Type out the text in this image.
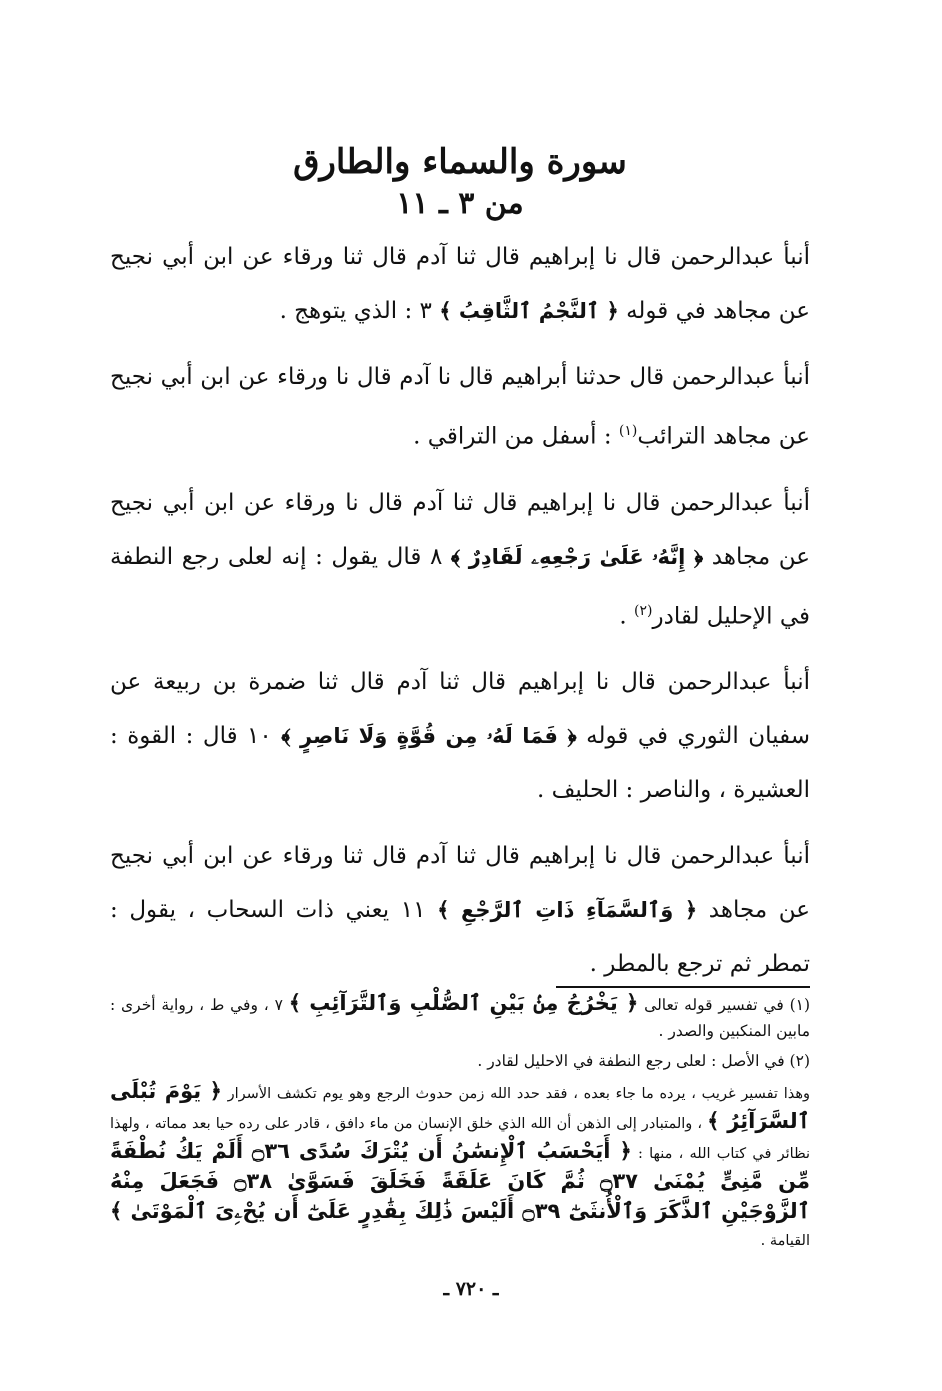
سورة والسماء والطارق
من ٣ ـ ١١

أنبأ عبدالرحمن قال نا إبراهيم قال ثنا آدم قال ثنا ورقاء عن ابن أبي نجيح عن مجاهد في قوله ﴿ ٱلنَّجْمُ ٱلثَّاقِبُ ﴾ ٣ : الذي يتوهج .

أنبأ عبدالرحمن قال حدثنا أبراهيم قال نا آدم قال نا ورقاء عن ابن أبي نجيح عن مجاهد الترائب$^{(١)}$ : أسفل من التراقي .

أنبأ عبدالرحمن قال نا إبراهيم قال ثنا آدم قال نا ورقاء عن ابن أبي نجيح عن مجاهد ﴿ إِنَّهُۥ عَلَىٰ رَجْعِهِۦ لَقَادِرٌ ﴾ ٨ قال يقول : إنه لعلى رجع النطفة في الإحليل لقادر$^{(٢)}$ .

أنبأ عبدالرحمن قال نا إبراهيم قال ثنا آدم قال ثنا ضمرة بن ربيعة عن سفيان الثوري في قوله ﴿ فَمَا لَهُۥ مِن قُوَّةٍ وَلَا نَاصِرٍ ﴾ ١٠ قال : القوة : العشيرة ، والناصر : الحليف .

أنبأ عبدالرحمن قال نا إبراهيم قال ثنا آدم قال ثنا ورقاء عن ابن أبي نجيح عن مجاهد ﴿ وَٱلسَّمَآءِ ذَاتِ ٱلرَّجْعِ ﴾ ١١ يعني ذات السحاب ، يقول : تمطر ثم ترجع بالمطر .

(١) في تفسير قوله تعالى ﴿ يَخْرُجُ مِنۢ بَيْنِ ٱلصُّلْبِ وَٱلتَّرَآئِبِ ﴾ ٧ ، وفي ط ، رواية أخرى : مابين المنكبين والصدر .

(٢) في الأصل : لعلى رجع النطفة في الاحليل لقادر .

وهذا تفسير غريب ، يرده ما جاء بعده ، فقد حدد الله زمن حدوث الرجع وهو يوم تكشف الأسرار ﴿ يَوْمَ تُبْلَى ٱلسَّرَآئِرُ ﴾ ، والمتبادر إلى الذهن أن الله الذي خلق الإنسان من ماء دافق ، قادر على رده حيا بعد مماته ، ولهذا نظائر في كتاب الله ، منها : ﴿ أَيَحْسَبُ ٱلْإِنسَٰنُ أَن يُتْرَكَ سُدًى ۝٣٦ أَلَمْ يَكُ نُطْفَةً مِّن مَّنِىٍّ يُمْنَىٰ ۝٣٧ ثُمَّ كَانَ عَلَقَةً فَخَلَقَ فَسَوَّىٰ ۝٣٨ فَجَعَلَ مِنْهُ ٱلزَّوْجَيْنِ ٱلذَّكَرَ وَٱلْأُنثَىٰٓ ۝٣٩ أَلَيْسَ ذَٰلِكَ بِقَٰدِرٍ عَلَىٰٓ أَن يُحْۦِىَ ٱلْمَوْتَىٰ ﴾ القيامة .

ـ ٧٢٠ ـ
